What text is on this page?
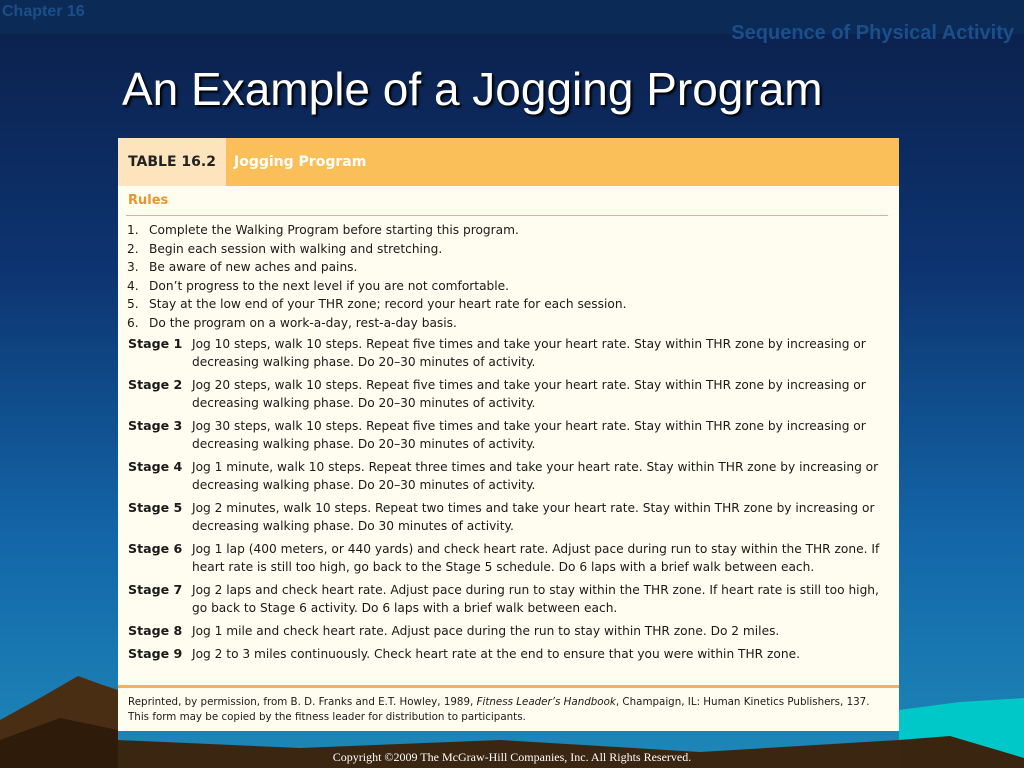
Chapter 16
Sequence of Physical Activity
An Example of a Jogging Program
TABLE 16.2	Jogging Program
Rules
1. Complete the Walking Program before starting this program.
2. Begin each session with walking and stretching.
3. Be aware of new aches and pains.
4. Don’t progress to the next level if you are not comfortable.
5. Stay at the low end of your THR zone; record your heart rate for each session.
6. Do the program on a work-a-day, rest-a-day basis.
Stage 1 Jog 10 steps, walk 10 steps. Repeat five times and take your heart rate. Stay within THR zone by increasing or decreasing walking phase. Do 20–30 minutes of activity.
Stage 2 Jog 20 steps, walk 10 steps. Repeat five times and take your heart rate. Stay within THR zone by increasing or decreasing walking phase. Do 20–30 minutes of activity.
Stage 3 Jog 30 steps, walk 10 steps. Repeat five times and take your heart rate. Stay within THR zone by increasing or decreasing walking phase. Do 20–30 minutes of activity.
Stage 4 Jog 1 minute, walk 10 steps. Repeat three times and take your heart rate. Stay within THR zone by increasing or decreasing walking phase. Do 20–30 minutes of activity.
Stage 5 Jog 2 minutes, walk 10 steps. Repeat two times and take your heart rate. Stay within THR zone by increasing or decreasing walking phase. Do 30 minutes of activity.
Stage 6 Jog 1 lap (400 meters, or 440 yards) and check heart rate. Adjust pace during run to stay within the THR zone. If heart rate is still too high, go back to the Stage 5 schedule. Do 6 laps with a brief walk between each.
Stage 7 Jog 2 laps and check heart rate. Adjust pace during run to stay within the THR zone. If heart rate is still too high, go back to Stage 6 activity. Do 6 laps with a brief walk between each.
Stage 8 Jog 1 mile and check heart rate. Adjust pace during the run to stay within THR zone. Do 2 miles.
Stage 9 Jog 2 to 3 miles continuously. Check heart rate at the end to ensure that you were within THR zone.
Reprinted, by permission, from B. D. Franks and E.T. Howley, 1989, Fitness Leader’s Handbook, Champaign, IL: Human Kinetics Publishers, 137. This form may be copied by the fitness leader for distribution to participants.
Copyright ©2009 The McGraw-Hill Companies, Inc. All Rights Reserved.
